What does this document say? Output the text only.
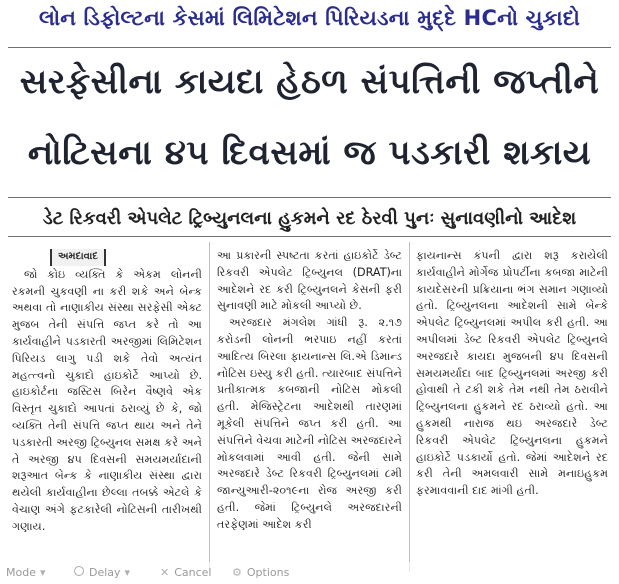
લોન ડિફોલ્ટના કેસમાં લિમિટેશન પિરિયડના મુદ્દે HCનો ચુકાદો
સરફેસીના કાયદા હેઠળ સંપત્તિની જપ્તીને
નોટિસના ૪૫ દિવસમાં જ પડકારી શકાય
ડેટ રિકવરી એપલેટ ટ્રિબ્યુનલના હુકમને રદ ઠેરવી પુનઃ સુનાવણીનો આદેશ
અમદાવાદ

જો કોઇ વ્યક્તિ કે એકમ લોનની રકમની ચુકવણી ના કરી શકે અને બેન્ક અથવા તો નાણાકીય સંસ્થા સરફેસી એક્ટ મુજબ તેની સંપત્તિ જપ્ત કરે તો આ કાર્યવાહીને પડકારતી અરજીમાં લિમિટેશન પિરિયડ લાગુ પડી શકે તેવો અત્યંત મહત્ત્વનો ચુકાદો હાઇકોર્ટે આપ્યો છે. હાઇકોર્ટના જસ્ટિસ બિરેન વૈષ્ણવે એક વિસ્તૃત ચુકાદો આપતાં ઠરાવ્યું છે કે, જો વ્યક્તિ તેની સંપત્તિ જપ્ત થાય અને તેને પડકારતી અરજી ટ્રિબ્યુનલ સમક્ષ કરે અને તે અરજી ૪૫ દિવસની સમયમર્યાદાની શરૂઆત બેન્ક કે નાણાકીય સંસ્થા દ્વારા થયેલી કાર્યવાહીના છેલ્લા તબક્કે એટલે કે વેચાણ અંગે ફટકારેલી નોટિસની તારીખથી ગણાય.

આ પ્રકારની સ્પષ્ટતા કરતાં હાઇકોર્ટે ડેબ્ટ રિકવરી એપલેટ ટ્રિબ્યુનલ (DRAT)ના આદેશને રદ કરી ટ્રિબ્યુનલને કેસની ફરી સુનાવણી માટે મોકલી આપ્યો છે.

અરજદાર મંગલેશ ગાંધી રૂ. ૨.૧૭ કરોડની લોનની ભરપાઇ નહીં કરતાં આદિત્ય બિરલા ફાયનાન્સ લિ.એ ડિમાન્ડ નોટિસ ઇસ્યુ કરી હતી. ત્યારબાદ સંપત્તિને પ્રતીકાત્મક કબજાની નોટિસ મોકલી હતી. મેજિસ્ટ્રેટના આદેશથી તારણમાં મૂકેલી સંપત્તિને જપ્ત કરી હતી. આ સંપત્તિને વેચવા માટેની નોટિસ અરજદારને મોકલવામાં આવી હતી. જેની સામે અરજદારે ડેબ્ટ રિકવરી ટ્રિબ્યુનલમાં ૮મી જાન્યુઆરી-૨૦૧૯ના રોજ અરજી કરી હતી. જેમાં ટ્રિબ્યુનલે અરજદારની તરફેણમાં આદેશ કરી

ફાયનાન્સ કંપની દ્વારા શરૂ કરાયેલી કાર્યવાહીને મોર્ગેજ પ્રોપર્ટીના કબજા માટેની કાયદેસરની પ્રક્રિયાના ભંગ સમાન ગણાવ્યો હતો. ટ્રિબ્યુનલના આદેશની સામે બેન્કે એપલેટ ટ્રિબ્યુનલમાં અપીલ કરી હતી. આ અપીલમાં ડેબ્ટ રિકવરી એપલેટ ટ્રિબ્યુનલે અરજદારે કાયદા મુજબની ૪૫ દિવસની સમયમર્યાદા બાદ ટ્રિબ્યુનલમાં અરજી કરી હોવાથી તે ટકી શકે તેમ નથી તેમ ઠરાવીને ટ્રિબ્યુનલના હુકમને રદ ઠરાવ્યો હતો. આ હુકમથી નારાજ થઇ અરજદારે ડેબ્ટ રિકવરી એપલેટ ટ્રિબ્યુનલના હુકમને હાઇકોર્ટે પડકાર્યો હતો. જેમાં આદેશને રદ કરી તેની અમલવારી સામે મનાઇહુકમ ફરમાવવાની દાદ માંગી હતી.

Mode ▾	Delay ▾	✕ Cancel ⚙ Options
